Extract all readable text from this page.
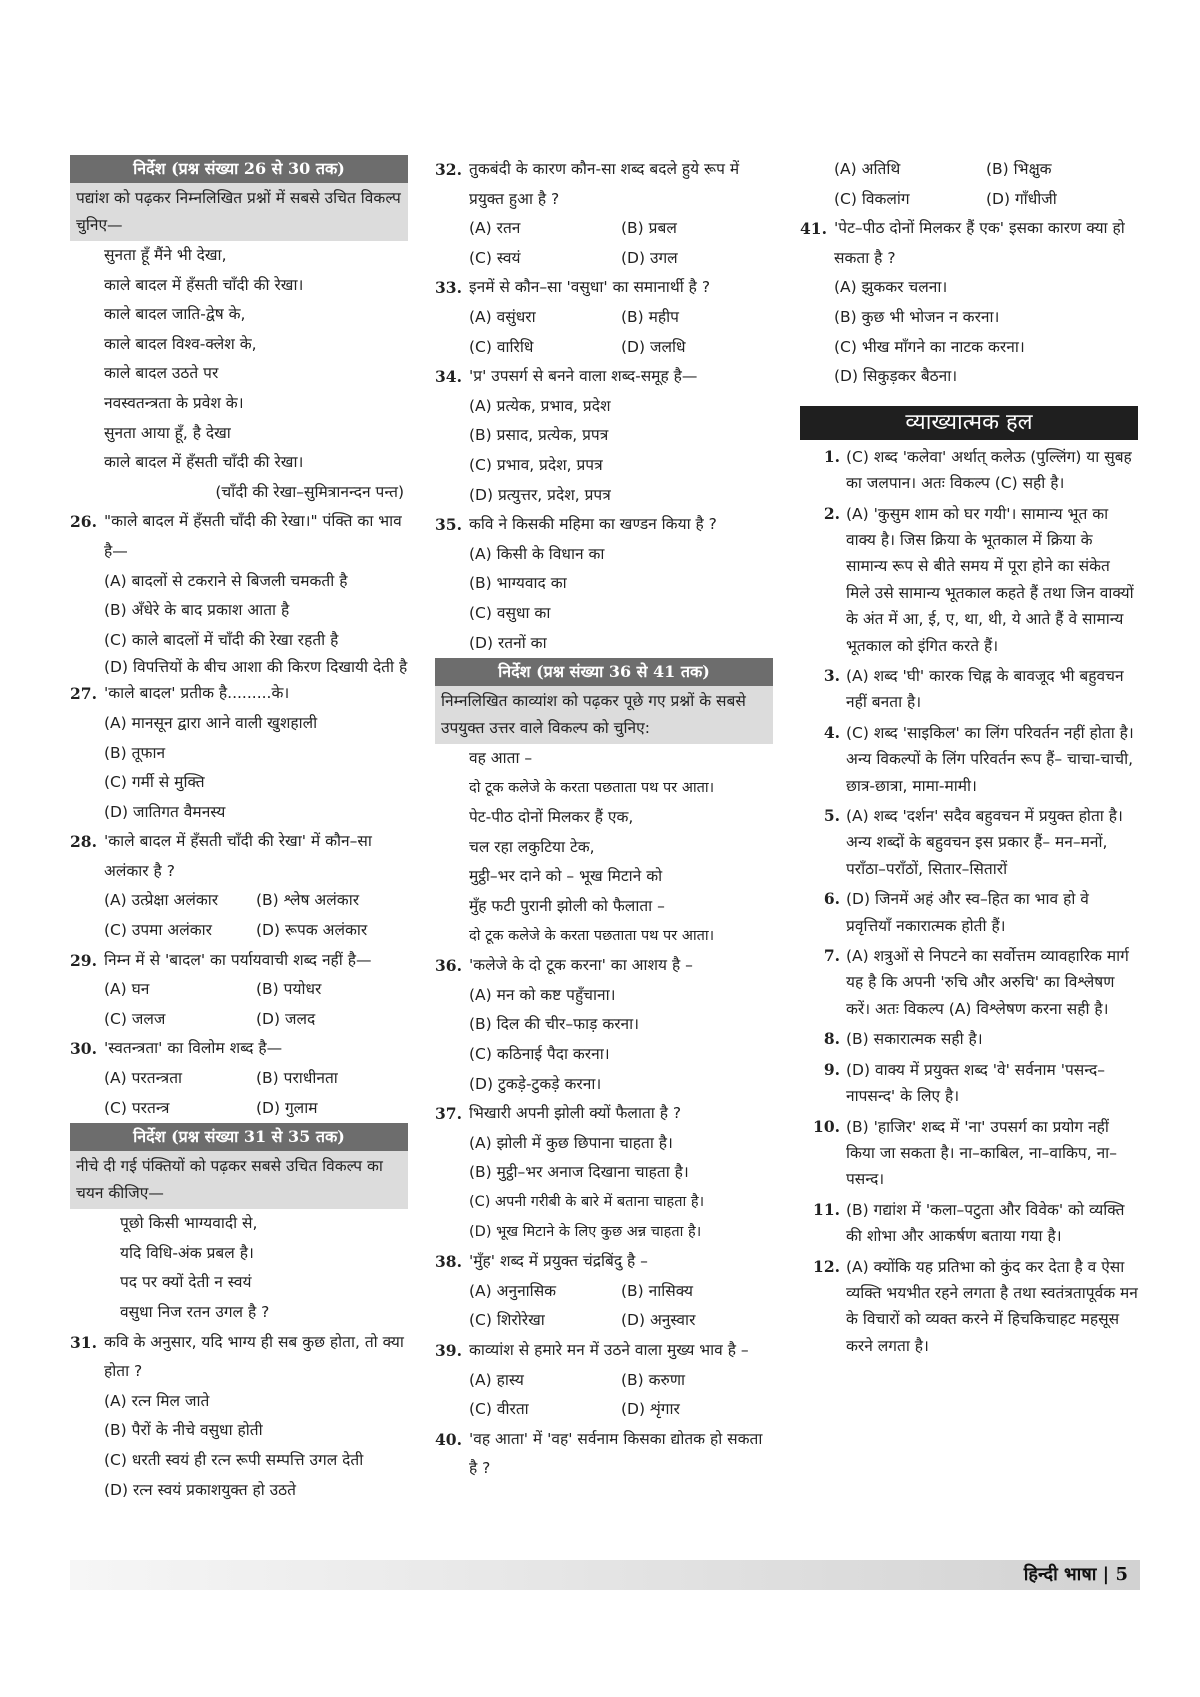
निर्देश (प्रश्न संख्या 26 से 30 तक)
पद्यांश को पढ़कर निम्नलिखित प्रश्नों में सबसे उचित विकल्प चुनिए—
सुनता हूँ मैंने भी देखा,
काले बादल में हँसती चाँदी की रेखा।
काले बादल जाति-द्वेष के,
काले बादल विश्व-क्लेश के,
काले बादल उठते पर
नवस्वतन्त्रता के प्रवेश के।
सुनता आया हूँ, है देखा
काले बादल में हँसती चाँदी की रेखा।
(चाँदी की रेखा–सुमित्रानन्दन पन्त)
26. "काले बादल में हँसती चाँदी की रेखा।" पंक्ति का भाव है—
(A) बादलों से टकराने से बिजली चमकती है
(B) अँधेरे के बाद प्रकाश आता है
(C) काले बादलों में चाँदी की रेखा रहती है
(D) विपत्तियों के बीच आशा की किरण दिखायी देती है
27. 'काले बादल' प्रतीक है.........के।
(A) मानसून द्वारा आने वाली खुशहाली
(B) तूफान
(C) गर्मी से मुक्ति
(D) जातिगत वैमनस्य
28. 'काले बादल में हँसती चाँदी की रेखा' में कौन–सा अलंकार है ?
(A) उत्प्रेक्षा अलंकार	(B) श्लेष अलंकार
(C) उपमा अलंकार	(D) रूपक अलंकार
29. निम्न में से 'बादल' का पर्यायवाची शब्द नहीं है—
(A) घन	(B) पयोधर
(C) जलज	(D) जलद
30. 'स्वतन्त्रता' का विलोम शब्द है—
(A) परतन्त्रता	(B) पराधीनता
(C) परतन्त्र	(D) गुलाम
निर्देश (प्रश्न संख्या 31 से 35 तक)
नीचे दी गई पंक्तियों को पढ़कर सबसे उचित विकल्प का चयन कीजिए—
पूछो किसी भाग्यवादी से,
यदि विधि-अंक प्रबल है।
पद पर क्यों देती न स्वयं
वसुधा निज रतन उगल है ?
31. कवि के अनुसार, यदि भाग्य ही सब कुछ होता, तो क्या होता ?
(A) रत्न मिल जाते
(B) पैरों के नीचे वसुधा होती
(C) धरती स्वयं ही रत्न रूपी सम्पत्ति उगल देती
(D) रत्न स्वयं प्रकाशयुक्त हो उठते
32. तुकबंदी के कारण कौन-सा शब्द बदले हुये रूप में प्रयुक्त हुआ है ?
(A) रतन	(B) प्रबल
(C) स्वयं	(D) उगल
33. इनमें से कौन–सा 'वसुधा' का समानार्थी है ?
(A) वसुंधरा	(B) महीप
(C) वारिधि	(D) जलधि
34. 'प्र' उपसर्ग से बनने वाला शब्द-समूह है—
(A) प्रत्येक, प्रभाव, प्रदेश
(B) प्रसाद, प्रत्येक, प्रपत्र
(C) प्रभाव, प्रदेश, प्रपत्र
(D) प्रत्युत्तर, प्रदेश, प्रपत्र
35. कवि ने किसकी महिमा का खण्डन किया है ?
(A) किसी के विधान का
(B) भाग्यवाद का
(C) वसुधा का
(D) रतनों का
निर्देश (प्रश्न संख्या 36 से 41 तक)
निम्नलिखित काव्यांश को पढ़कर पूछे गए प्रश्नों के सबसे उपयुक्त उत्तर वाले विकल्प को चुनिए:
वह आता –
दो टूक कलेजे के करता पछताता पथ पर आता।
पेट-पीठ दोनों मिलकर हैं एक,
चल रहा लकुटिया टेक,
मुट्ठी–भर दाने को – भूख मिटाने को
मुँह फटी पुरानी झोली को फैलाता –
दो टूक कलेजे के करता पछताता पथ पर आता।
36. 'कलेजे के दो टूक करना' का आशय है –
(A) मन को कष्ट पहुँचाना।
(B) दिल की चीर–फाड़ करना।
(C) कठिनाई पैदा करना।
(D) टुकड़े-टुकड़े करना।
37. भिखारी अपनी झोली क्यों फैलाता है ?
(A) झोली में कुछ छिपाना चाहता है।
(B) मुट्ठी–भर अनाज दिखाना चाहता है।
(C) अपनी गरीबी के बारे में बताना चाहता है।
(D) भूख मिटाने के लिए कुछ अन्न चाहता है।
38. 'मुँह' शब्द में प्रयुक्त चंद्रबिंदु है –
(A) अनुनासिक	(B) नासिक्य
(C) शिरोरेखा	(D) अनुस्वार
39. काव्यांश से हमारे मन में उठने वाला मुख्य भाव है –
(A) हास्य	(B) करुणा
(C) वीरता	(D) शृंगार
40. 'वह आता' में 'वह' सर्वनाम किसका द्योतक हो सकता है ?
(A) अतिथि	(B) भिक्षुक
(C) विकलांग	(D) गाँधीजी
41. 'पेट–पीठ दोनों मिलकर हैं एक' इसका कारण क्या हो सकता है ?
(A) झुककर चलना।
(B) कुछ भी भोजन न करना।
(C) भीख माँगने का नाटक करना।
(D) सिकुड़कर बैठना।
व्याख्यात्मक हल
1. (C) शब्द 'कलेवा' अर्थात् कलेऊ (पुल्लिंग) या सुबह का जलपान। अतः विकल्प (C) सही है।
2. (A) 'कुसुम शाम को घर गयी'। सामान्य भूत का वाक्य है। जिस क्रिया के भूतकाल में क्रिया के सामान्य रूप से बीते समय में पूरा होने का संकेत मिले उसे सामान्य भूतकाल कहते हैं तथा जिन वाक्यों के अंत में आ, ई, ए, था, थी, ये आते हैं वे सामान्य भूतकाल को इंगित करते हैं।
3. (A) शब्द 'घी' कारक चिह्न के बावजूद भी बहुवचन नहीं बनता है।
4. (C) शब्द 'साइकिल' का लिंग परिवर्तन नहीं होता है। अन्य विकल्पों के लिंग परिवर्तन रूप हैं– चाचा-चाची, छात्र-छात्रा, मामा-मामी।
5. (A) शब्द 'दर्शन' सदैव बहुवचन में प्रयुक्त होता है। अन्य शब्दों के बहुवचन इस प्रकार हैं– मन–मनों, पराँठा–पराँठों, सितार–सितारों
6. (D) जिनमें अहं और स्व–हित का भाव हो वे प्रवृत्तियाँ नकारात्मक होती हैं।
7. (A) शत्रुओं से निपटने का सर्वोत्तम व्यावहारिक मार्ग यह है कि अपनी 'रुचि और अरुचि' का विश्लेषण करें। अतः विकल्प (A) विश्लेषण करना सही है।
8. (B) सकारात्मक सही है।
9. (D) वाक्य में प्रयुक्त शब्द 'वे' सर्वनाम 'पसन्द–नापसन्द' के लिए है।
10. (B) 'हाजिर' शब्द में 'ना' उपसर्ग का प्रयोग नहीं किया जा सकता है। ना–काबिल, ना–वाकिप, ना–पसन्द।
11. (B) गद्यांश में 'कला–पटुता और विवेक' को व्यक्ति की शोभा और आकर्षण बताया गया है।
12. (A) क्योंकि यह प्रतिभा को कुंद कर देता है व ऐसा व्यक्ति भयभीत रहने लगता है तथा स्वतंत्रतापूर्वक मन के विचारों को व्यक्त करने में हिचकिचाहट महसूस करने लगता है।
हिन्दी भाषा | 5
